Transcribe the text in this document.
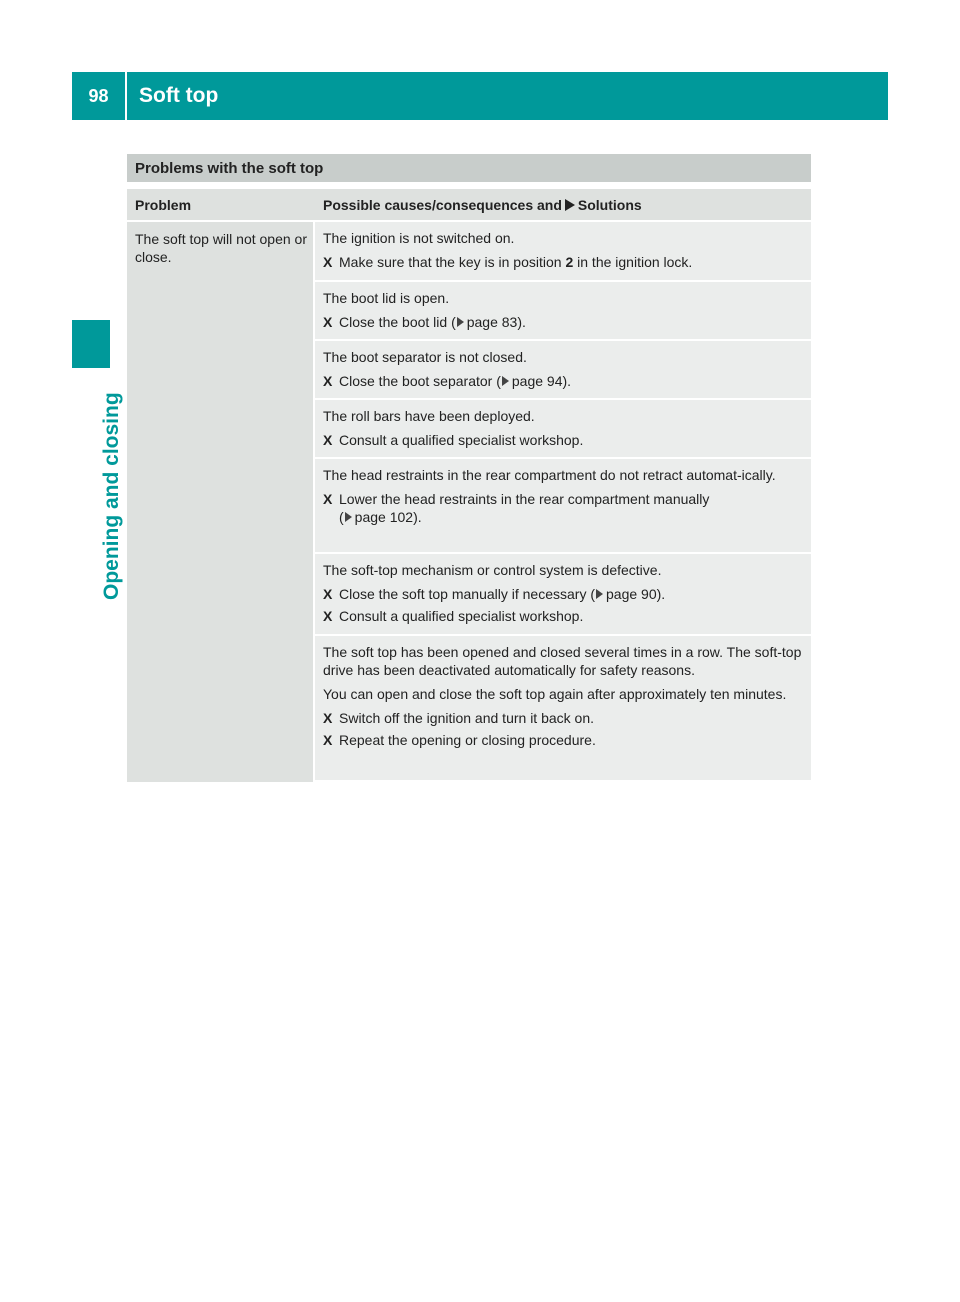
98	Soft top
Opening and closing
Problems with the soft top
Problem	Possible causes/consequences and Solutions
The soft top will not open or close.

The ignition is not switched on.

X Make sure that the key is in position 2 in the ignition lock.

The boot lid is open.

X Close the boot lid ( page 83).

The boot separator is not closed.

X Close the boot separator ( page 94).

The roll bars have been deployed.

X Consult a qualified specialist workshop.

The head restraints in the rear compartment do not retract automat-ically.

X Lower the head restraints in the rear compartment manually
( page 102).

The soft-top mechanism or control system is defective.

X Close the soft top manually if necessary ( page 90).

X Consult a qualified specialist workshop.

The soft top has been opened and closed several times in a row. The soft-top drive has been deactivated automatically for safety reasons.

You can open and close the soft top again after approximately ten minutes.

X Switch off the ignition and turn it back on.

X Repeat the opening or closing procedure.
